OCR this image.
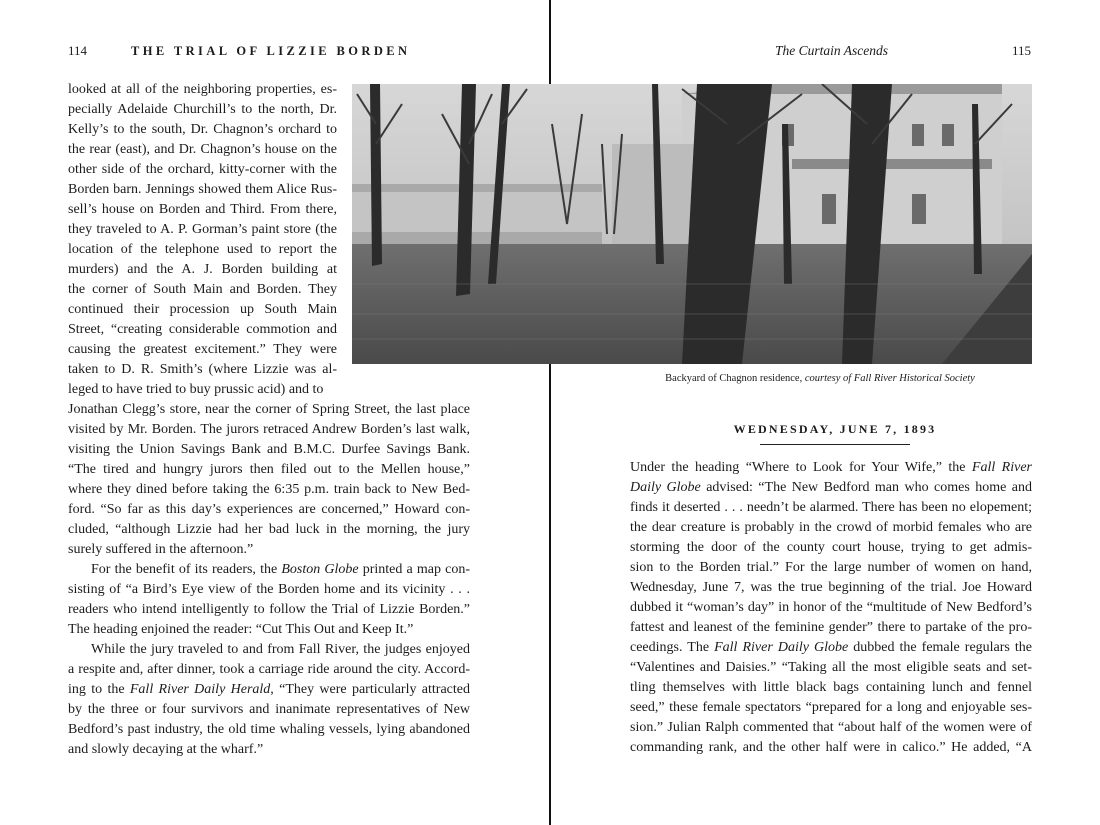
114	THE TRIAL OF LIZZIE BORDEN

looked at all of the neighboring properties, es-

pecially Adelaide Churchill’s to the north, Dr.

Kelly’s to the south, Dr. Chagnon’s orchard to

the rear (east), and Dr. Chagnon’s house on the

other side of the orchard, kitty-corner with the

Borden barn. Jennings showed them Alice Rus-

sell’s house on Borden and Third. From there,

they traveled to A. P. Gorman’s paint store (the

location of the telephone used to report the

murders) and the A. J. Borden building at

the corner of South Main and Borden. They

continued their procession up South Main

Street, “creating considerable commotion and

causing the greatest excitement.” They were

taken to D. R. Smith’s (where Lizzie was al-

leged to have tried to buy prussic acid) and to

Jonathan Clegg’s store, near the corner of Spring Street, the last place

visited by Mr. Borden. The jurors retraced Andrew Borden’s last walk,

visiting the Union Savings Bank and B.M.C. Durfee Savings Bank.

“The tired and hungry jurors then filed out to the Mellen house,”

where they dined before taking the 6:35 p.m. train back to New Bed-

ford. “So far as this day’s experiences are concerned,” Howard con-

cluded, “although Lizzie had her bad luck in the morning, the jury

surely suffered in the afternoon.”

For the benefit of its readers, the Boston Globe printed a map con-

sisting of “a Bird’s Eye view of the Borden home and its vicinity . . .

readers who intend intelligently to follow the Trial of Lizzie Borden.”

The heading enjoined the reader: “Cut This Out and Keep It.”

While the jury traveled to and from Fall River, the judges enjoyed

a respite and, after dinner, took a carriage ride around the city. Accord-

ing to the Fall River Daily Herald, “They were particularly attracted

by the three or four survivors and inanimate representatives of New

Bedford’s past industry, the old time whaling vessels, lying abandoned

and slowly decaying at the wharf.”

The Curtain Ascends	115

Backyard of Chagnon residence, courtesy of Fall River Historical Society

WEDNESDAY, JUNE 7, 1893

Under the heading “Where to Look for Your Wife,” the Fall River

Daily Globe advised: “The New Bedford man who comes home and

finds it deserted . . . needn’t be alarmed. There has been no elopement;

the dear creature is probably in the crowd of morbid females who are

storming the door of the county court house, trying to get admis-

sion to the Borden trial.” For the large number of women on hand,

Wednesday, June 7, was the true beginning of the trial. Joe Howard

dubbed it “woman’s day” in honor of the “multitude of New Bedford’s

fattest and leanest of the feminine gender” there to partake of the pro-

ceedings. The Fall River Daily Globe dubbed the female regulars the

“Valentines and Daisies.” “Taking all the most eligible seats and set-

tling themselves with little black bags containing lunch and fennel

seed,” these female spectators “prepared for a long and enjoyable ses-

sion.” Julian Ralph commented that “about half of the women were of

commanding rank, and the other half were in calico.” He added, “A
